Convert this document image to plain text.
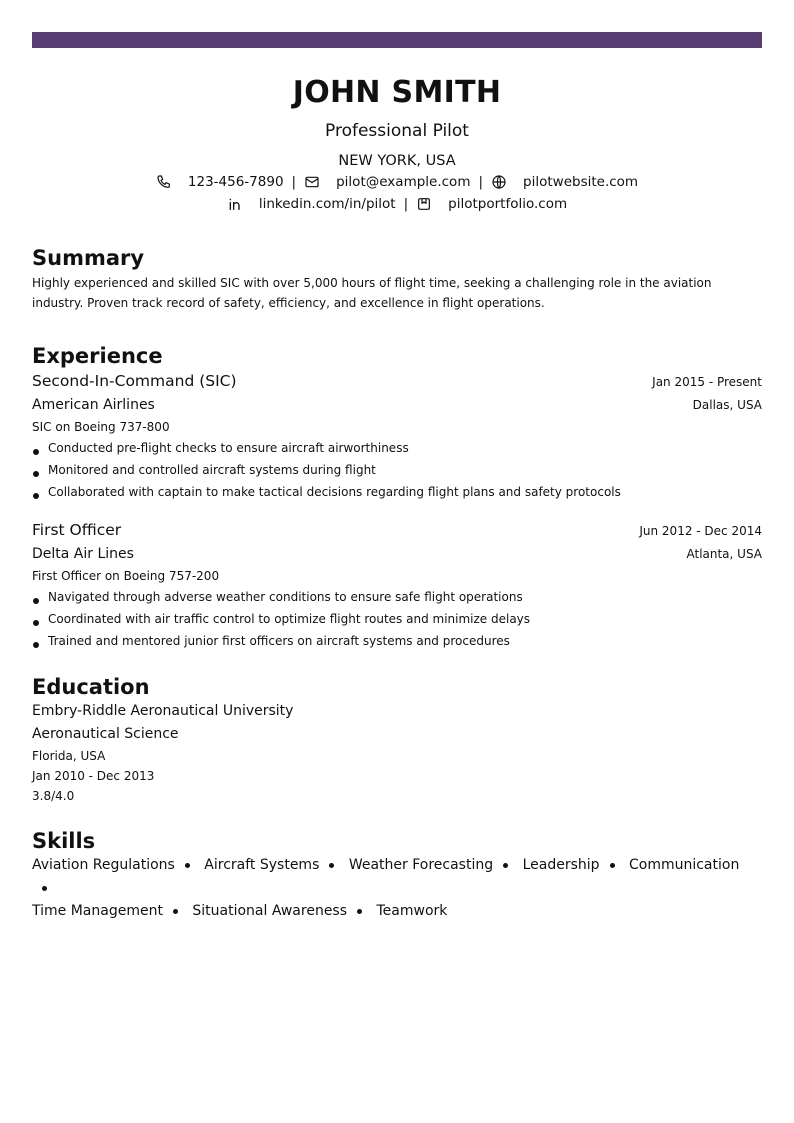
JOHN SMITH
Professional Pilot
NEW YORK, USA
123-456-7890 |	pilot@example.com |	pilotwebsite.com
linkedin.com/in/pilot |	pilotportfolio.com
Summary
Highly experienced and skilled SIC with over 5,000 hours of flight time, seeking a challenging role in the aviation industry. Proven track record of safety, efficiency, and excellence in flight operations.
Experience
Second-In-Command (SIC)	Jan 2015 - Present
American Airlines	Dallas, USA
SIC on Boeing 737-800
Conducted pre-flight checks to ensure aircraft airworthiness
Monitored and controlled aircraft systems during flight
Collaborated with captain to make tactical decisions regarding flight plans and safety protocols
First Officer	Jun 2012 - Dec 2014
Delta Air Lines	Atlanta, USA
First Officer on Boeing 757-200
Navigated through adverse weather conditions to ensure safe flight operations
Coordinated with air traffic control to optimize flight routes and minimize delays
Trained and mentored junior first officers on aircraft systems and procedures
Education
Embry-Riddle Aeronautical University
Aeronautical Science
Florida, USA
Jan 2010 - Dec 2013
3.8/4.0
Skills
Aviation Regulations Aircraft Systems Weather Forecasting Leadership Communication
Time Management Situational Awareness Teamwork
